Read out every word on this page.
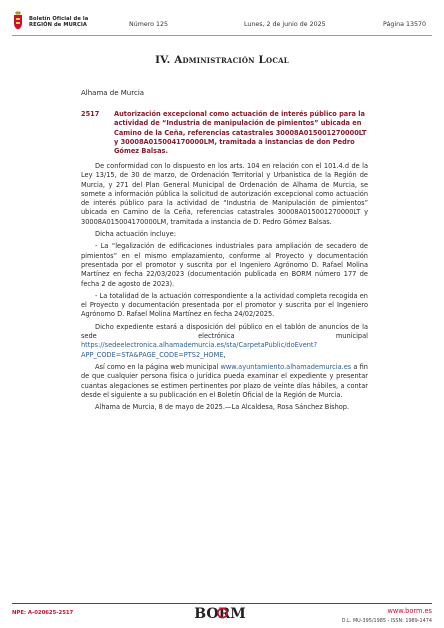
Boletín Oficial de la
REGIÓN de MURCIA	Número 125	Lunes, 2 de junio de 2025	Página 13570
IV. Administración Local
Alhama de Murcia
2517 Autorización excepcional como actuación de interés público para la actividad de “Industria de manipulación de pimientos” ubicada en Camino de la Ceña, referencias catastrales 30008A015001270000LT y 30008A015004170000LM, tramitada a instancias de don Pedro Gómez Balsas.

De conformidad con lo dispuesto en los arts. 104 en relación con el 101.4.d de la Ley 13/15, de 30 de marzo, de Ordenación Territorial y Urbanística de la Región de Murcia, y 271 del Plan General Municipal de Ordenación de Alhama de Murcia, se somete a información pública la solicitud de autorización excepcional como actuación de interés público para la actividad de “Industria de Manipulación de pimientos” ubicada en Camino de la Ceña, referencias catastrales 30008A015001270000LT y 30008A015004170000LM, tramitada a instancia de D. Pedro Gómez Balsas.

Dicha actuación incluye:

- La “legalización de edificaciones industriales para ampliación de secadero de pimientos” en el mismo emplazamiento, conforme al Proyecto y documentación presentada por el promotor y suscrita por el Ingeniero Agrónomo D. Rafael Molina Martínez en fecha 22/03/2023 (documentación publicada en BORM número 177 de fecha 2 de agosto de 2023).

- La totalidad de la actuación correspondiente a la actividad completa recogida en el Proyecto y documentación presentada por el promotor y suscrita por el Ingeniero Agrónomo D. Rafael Molina Martínez en fecha 24/02/2025.

Dicho expediente estará a disposición del público en el tablón de anuncios de la sede electrónica municipal https://sedeelectronica.alhamademurcia.es/sta/CarpetaPublic/doEvent?APP_CODE=STA&PAGE_CODE=PTS2_HOME,

Así como en la página web municipal www.ayuntamiento.alhamademurcia.es a fin de que cualquier persona física o jurídica pueda examinar el expediente y presentar cuantas alegaciones se estimen pertinentes por plazo de veinte días hábiles, a contar desde el siguiente a su publicación en el Boletín Oficial de la Región de Murcia.

Alhama de Murcia, 8 de mayo de 2025.—La Alcaldesa, Rosa Sánchez Bishop.

NPE: A-020625-2517	BORM	www.borm.es
D.L. MU-395/1985 - ISSN: 1989-1474
